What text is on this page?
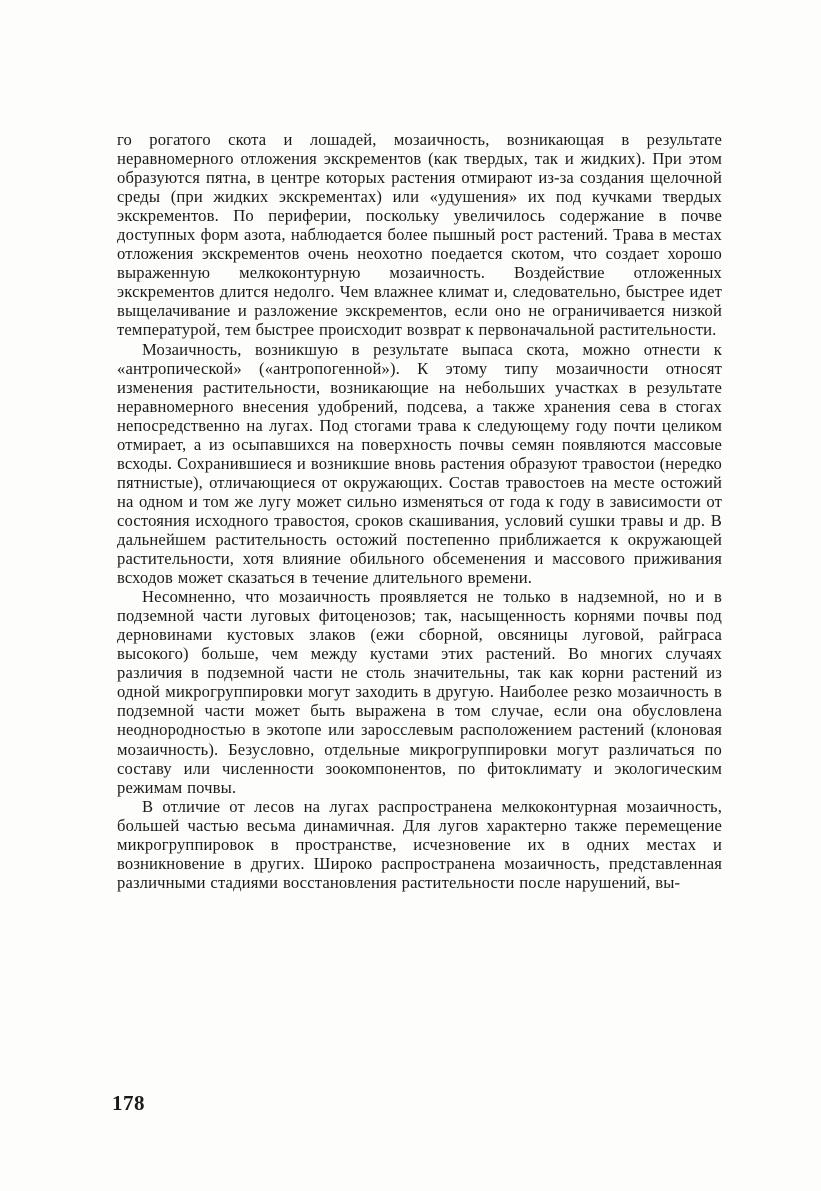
го рогатого скота и лошадей, мозаичность, возникающая в результате неравномерного отложения экскрементов (как твердых, так и жидких). При этом образуются пятна, в центре которых растения отмирают из-за создания щелочной среды (при жидких экскрементах) или «удушения» их под кучками твердых экскрементов. По периферии, поскольку увеличилось содержание в почве доступных форм азота, наблюдается более пышный рост растений. Трава в местах отложения экскрементов очень неохотно поедается скотом, что создает хорошо выраженную мелкоконтурную мозаичность. Воздействие отложенных экскрементов длится недолго. Чем влажнее климат и, следовательно, быстрее идет выщелачивание и разложение экскрементов, если оно не ограничивается низкой температурой, тем быстрее происходит возврат к первоначальной растительности.

Мозаичность, возникшую в результате выпаса скота, можно отнести к «антропической» («антропогенной»). К этому типу мозаичности относят изменения растительности, возникающие на небольших участках в результате неравномерного внесения удобрений, подсева, а также хранения сева в стогах непосредственно на лугах. Под стогами трава к следующему году почти целиком отмирает, а из осыпавшихся на поверхность почвы семян появляются массовые всходы. Сохранившиеся и возникшие вновь растения образуют травостои (нередко пятнистые), отличающиеся от окружающих. Состав травостоев на месте остожий на одном и том же лугу может сильно изменяться от года к году в зависимости от состояния исходного травостоя, сроков скашивания, условий сушки травы и др. В дальнейшем растительность остожий постепенно приближается к окружающей растительности, хотя влияние обильного обсеменения и массового приживания всходов может сказаться в течение длительного времени.

Несомненно, что мозаичность проявляется не только в надземной, но и в подземной части луговых фитоценозов; так, насыщенность корнями почвы под дерновинами кустовых злаков (ежи сборной, овсяницы луговой, райграса высокого) больше, чем между кустами этих растений. Во многих случаях различия в подземной части не столь значительны, так как корни растений из одной микрогруппировки могут заходить в другую. Наиболее резко мозаичность в подземной части может быть выражена в том случае, если она обусловлена неоднородностью в экотопе или заросслевым расположением растений (клоновая мозаичность). Безусловно, отдельные микрогруппировки могут различаться по составу или численности зоокомпонентов, по фитоклимату и экологическим режимам почвы.

В отличие от лесов на лугах распространена мелкоконтурная мозаичность, большей частью весьма динамичная. Для лугов характерно также перемещение микрогруппировок в пространстве, исчезновение их в одних местах и возникновение в других. Широко распространена мозаичность, представленная различными стадиями восстановления растительности после нарушений, вы-

178
